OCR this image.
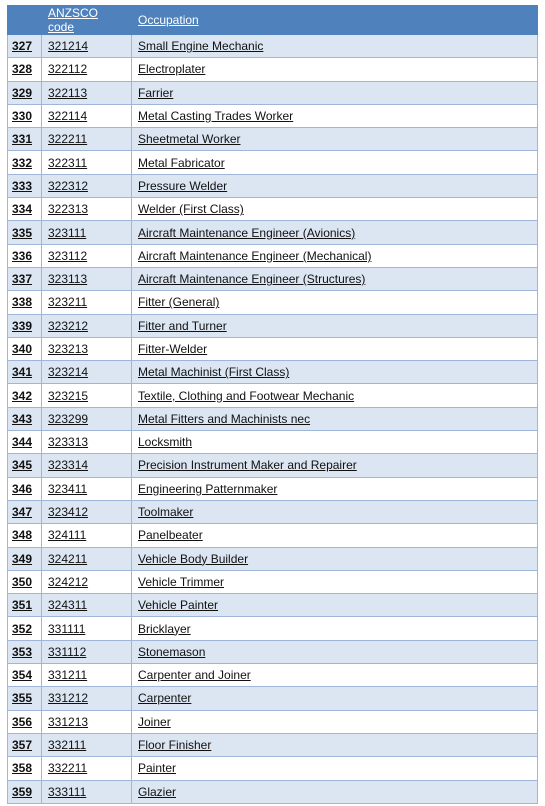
	ANZSCO code	Occupation
327	321214	Small Engine Mechanic
328	322112	Electroplater
329	322113	Farrier
330	322114	Metal Casting Trades Worker
331	322211	Sheetmetal Worker
332	322311	Metal Fabricator
333	322312	Pressure Welder
334	322313	Welder (First Class)
335	323111	Aircraft Maintenance Engineer (Avionics)
336	323112	Aircraft Maintenance Engineer (Mechanical)
337	323113	Aircraft Maintenance Engineer (Structures)
338	323211	Fitter (General)
339	323212	Fitter and Turner
340	323213	Fitter-Welder
341	323214	Metal Machinist (First Class)
342	323215	Textile, Clothing and Footwear Mechanic
343	323299	Metal Fitters and Machinists nec
344	323313	Locksmith
345	323314	Precision Instrument Maker and Repairer
346	323411	Engineering Patternmaker
347	323412	Toolmaker
348	324111	Panelbeater
349	324211	Vehicle Body Builder
350	324212	Vehicle Trimmer
351	324311	Vehicle Painter
352	331111	Bricklayer
353	331112	Stonemason
354	331211	Carpenter and Joiner
355	331212	Carpenter
356	331213	Joiner
357	332111	Floor Finisher
358	332211	Painter
359	333111	Glazier
